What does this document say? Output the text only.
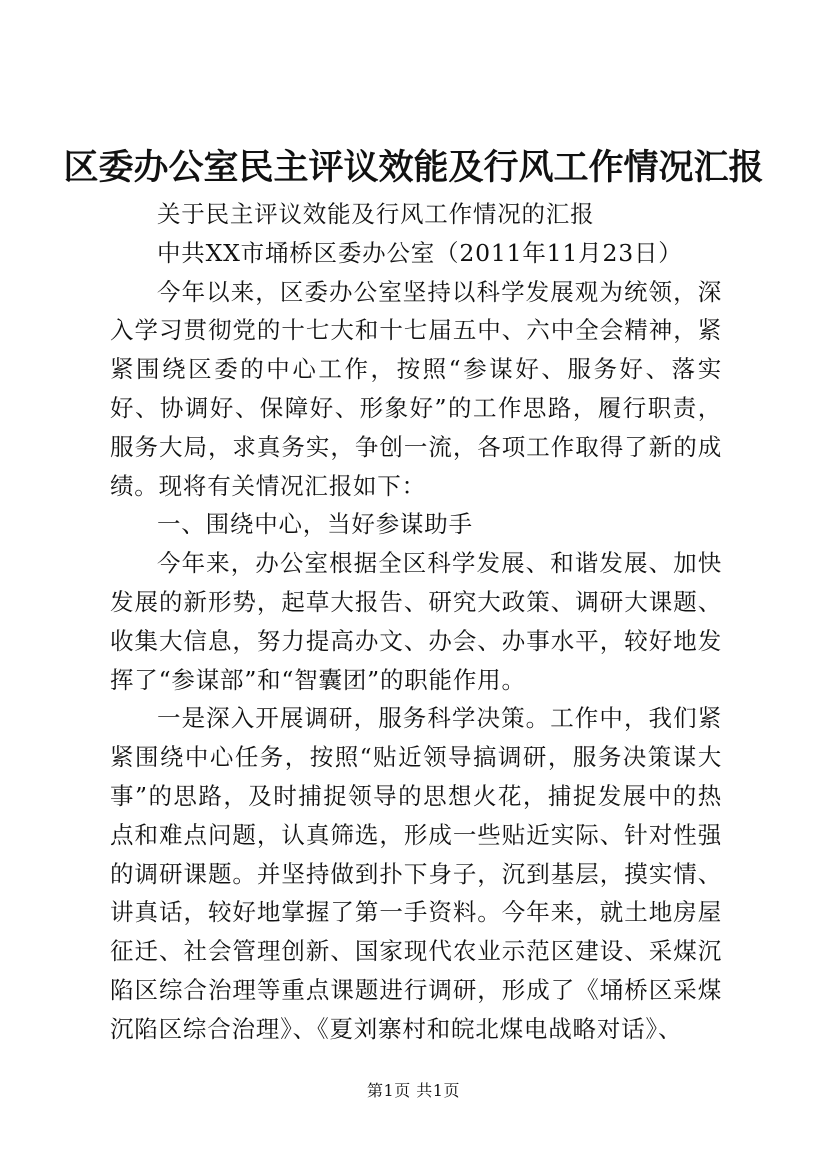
区委办公室民主评议效能及行风工作情况汇报

关于民主评议效能及行风工作情况的汇报

中共XX市埇桥区委办公室（2011年11月23日）

今年以来，区委办公室坚持以科学发展观为统领，深入学习贯彻党的十七大和十七届五中、六中全会精神，紧紧围绕区委的中心工作，按照“参谋好、服务好、落实好、协调好、保障好、形象好”的工作思路，履行职责，服务大局，求真务实，争创一流，各项工作取得了新的成绩。现将有关情况汇报如下：

一、围绕中心，当好参谋助手

今年来，办公室根据全区科学发展、和谐发展、加快发展的新形势，起草大报告、研究大政策、调研大课题、收集大信息，努力提高办文、办会、办事水平，较好地发挥了“参谋部”和“智囊团”的职能作用。

一是深入开展调研，服务科学决策。工作中，我们紧紧围绕中心任务，按照“贴近领导搞调研，服务决策谋大事”的思路，及时捕捉领导的思想火花，捕捉发展中的热点和难点问题，认真筛选，形成一些贴近实际、针对性强的调研课题。并坚持做到扑下身子，沉到基层，摸实情、讲真话，较好地掌握了第一手资料。今年来，就土地房屋征迁、社会管理创新、国家现代农业示范区建设、采煤沉陷区综合治理等重点课题进行调研，形成了《埇桥区采煤沉陷区综合治理》、《夏刘寨村和皖北煤电战略对话》、

第1页 共1页
